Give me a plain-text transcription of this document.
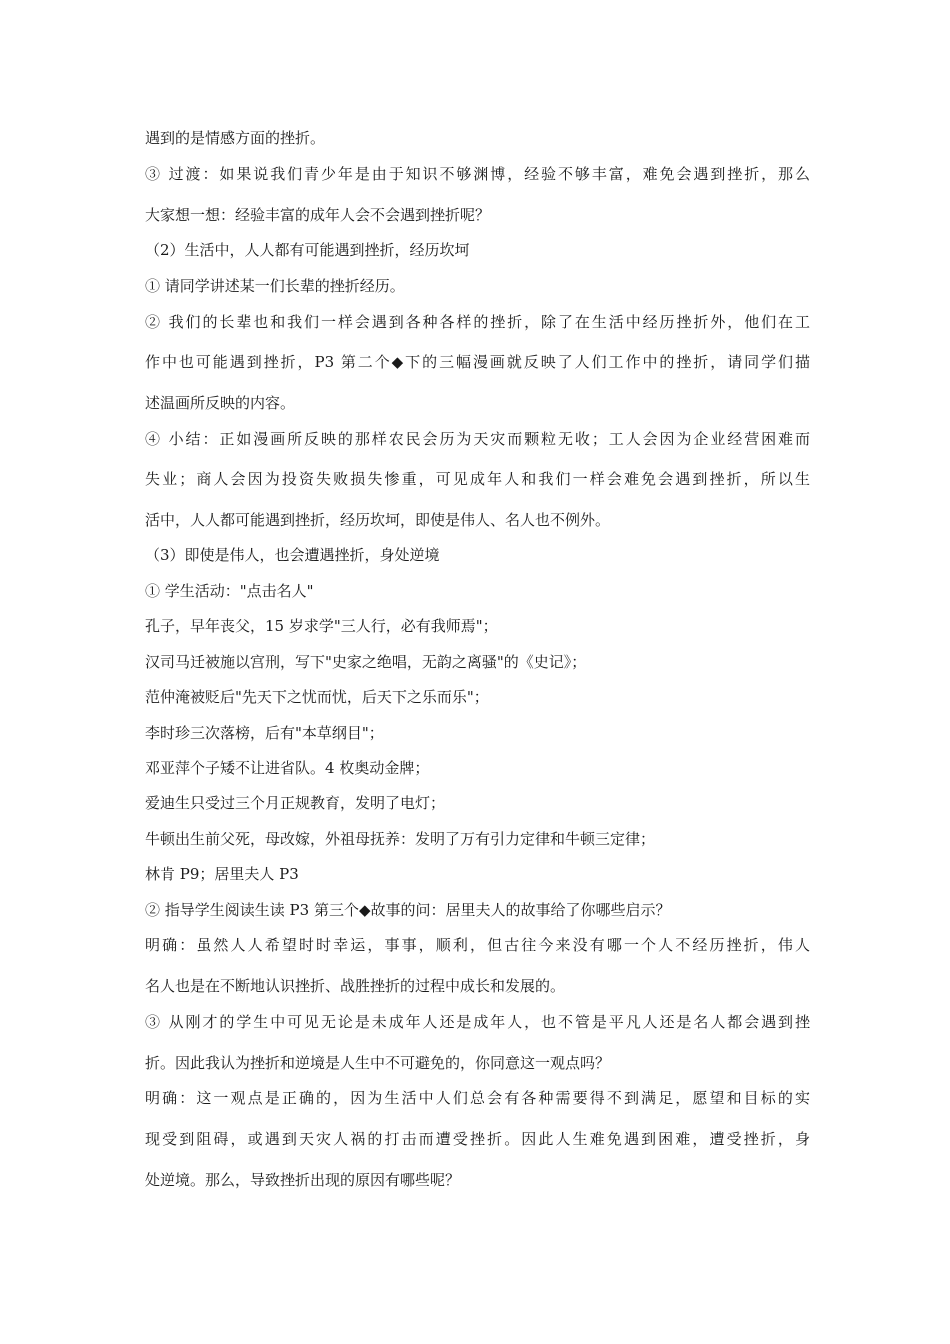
遇到的是情感方面的挫折。

③ 过渡：如果说我们青少年是由于知识不够渊博，经验不够丰富，难免会遇到挫折，那么

大家想一想：经验丰富的成年人会不会遇到挫折呢？

（2）生活中，人人都有可能遇到挫折，经历坎坷

① 请同学讲述某一们长辈的挫折经历。

② 我们的长辈也和我们一样会遇到各种各样的挫折，除了在生活中经历挫折外，他们在工

作中也可能遇到挫折，P3 第二个◆下的三幅漫画就反映了人们工作中的挫折，请同学们描

述温画所反映的内容。

④ 小结：正如漫画所反映的那样农民会历为天灾而颗粒无收；工人会因为企业经营困难而

失业；商人会因为投资失败损失惨重，可见成年人和我们一样会难免会遇到挫折，所以生

活中，人人都可能遇到挫折，经历坎坷，即使是伟人、名人也不例外。

（3）即使是伟人，也会遭遇挫折，身处逆境

① 学生活动："点击名人"

孔子，早年丧父，15 岁求学"三人行，必有我师焉"；

汉司马迁被施以宫刑，写下"史家之绝唱，无韵之离骚"的《史记》；

范仲淹被贬后"先天下之忧而忧，后天下之乐而乐"；

李时珍三次落榜，后有"本草纲目"；

邓亚萍个子矮不让进省队。4 枚奥动金牌；

爱迪生只受过三个月正规教育，发明了电灯；

牛顿出生前父死，母改嫁，外祖母抚养：发明了万有引力定律和牛顿三定律；

林肯 P9；居里夫人 P3

② 指导学生阅读生读 P3 第三个◆故事的问：居里夫人的故事给了你哪些启示？

明确：虽然人人希望时时幸运，事事，顺利，但古往今来没有哪一个人不经历挫折，伟人

名人也是在不断地认识挫折、战胜挫折的过程中成长和发展的。

③ 从刚才的学生中可见无论是未成年人还是成年人，也不管是平凡人还是名人都会遇到挫

折。因此我认为挫折和逆境是人生中不可避免的，你同意这一观点吗？

明确：这一观点是正确的，因为生活中人们总会有各种需要得不到满足，愿望和目标的实

现受到阻碍，或遇到天灾人祸的打击而遭受挫折。因此人生难免遇到困难，遭受挫折，身

处逆境。那么，导致挫折出现的原因有哪些呢？
